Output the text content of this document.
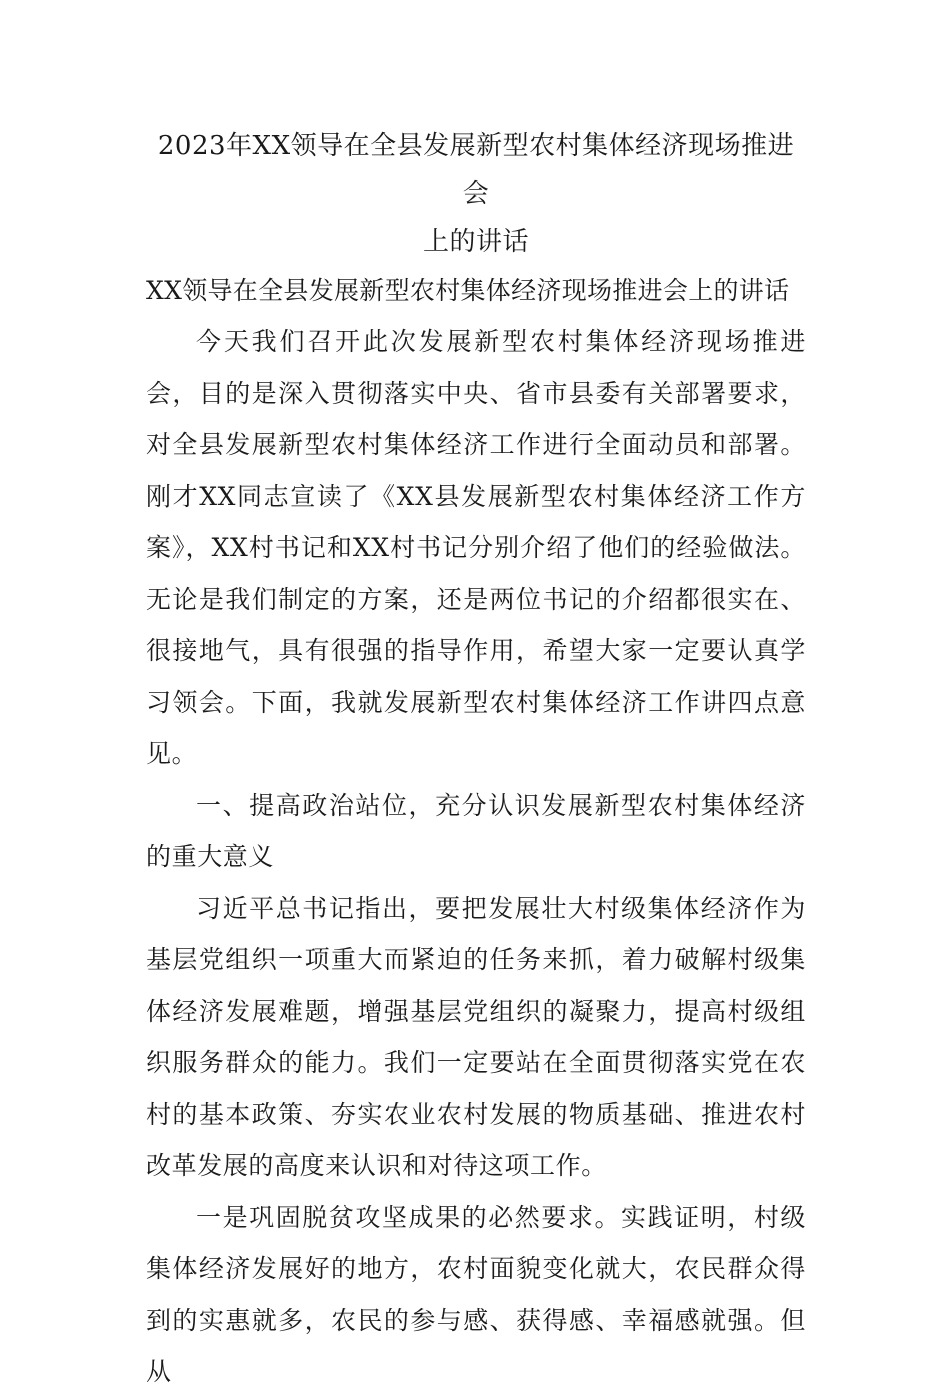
2023年XX领导在全县发展新型农村集体经济现场推进会
上的讲话

XX领导在全县发展新型农村集体经济现场推进会上的讲话

今天我们召开此次发展新型农村集体经济现场推进会，目的是深入贯彻落实中央、省市县委有关部署要求，对全县发展新型农村集体经济工作进行全面动员和部署。刚才XX同志宣读了《XX县发展新型农村集体经济工作方案》，XX村书记和XX村书记分别介绍了他们的经验做法。无论是我们制定的方案，还是两位书记的介绍都很实在、很接地气，具有很强的指导作用，希望大家一定要认真学习领会。下面，我就发展新型农村集体经济工作讲四点意见。

一、提高政治站位，充分认识发展新型农村集体经济的重大意义

习近平总书记指出，要把发展壮大村级集体经济作为基层党组织一项重大而紧迫的任务来抓，着力破解村级集体经济发展难题，增强基层党组织的凝聚力，提高村级组织服务群众的能力。我们一定要站在全面贯彻落实党在农村的基本政策、夯实农业农村发展的物质基础、推进农村改革发展的高度来认识和对待这项工作。

一是巩固脱贫攻坚成果的必然要求。实践证明，村级集体经济发展好的地方，农村面貌变化就大，农民群众得到的实惠就多，农民的参与感、获得感、幸福感就强。但从
